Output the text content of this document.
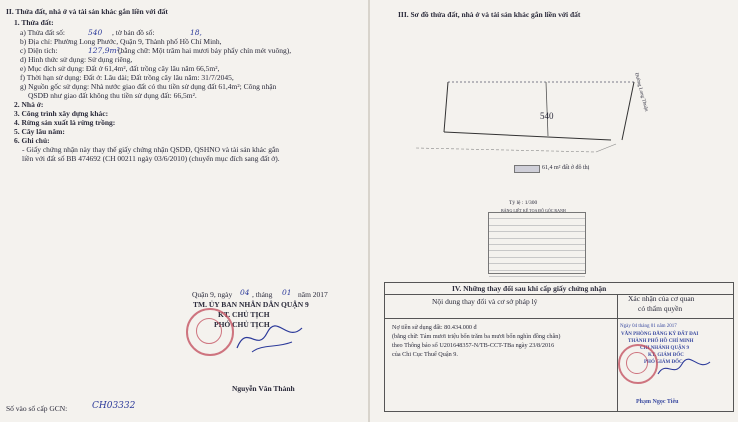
II. Thửa đất, nhà ở và tài sản khác gắn liền với đất
1. Thửa đất:
a) Thửa đất số:	540 , tờ bản đồ số:	18,
b) Địa chỉ: Phường Long Phước, Quận 9, Thành phố Hồ Chí Minh,
c) Diện tích:	127,9m²,
(bằng chữ: Một trăm hai mươi bảy phẩy chín mét vuông),
d) Hình thức sử dụng: Sử dụng riêng,
e) Mục đích sử dụng: Đất ở 61,4m², đất trồng cây lâu năm 66,5m²,
f) Thời hạn sử dụng: Đất ở: Lâu dài; Đất trồng cây lâu năm: 31/7/2045,
g) Nguồn gốc sử dụng: Nhà nước giao đất có thu tiền sử dụng đất 61,4m²; Công nhận
QSDĐ như giao đất không thu tiền sử dụng đất: 66,5m².
2. Nhà ở:
3. Công trình xây dựng khác:
4. Rừng sản xuất là rừng trồng:
5. Cây lâu năm:
6. Ghi chú:
- Giấy chứng nhận này thay thế giấy chứng nhận QSDĐ, QSHNO và tài sản khác gắn
liền với đất số BB 474692 (CH 00211 ngày 03/6/2010) (chuyển mục đích sang đất ở).
Quận 9, ngày 04 , tháng 01 năm 2017
TM. ỦY BAN NHÂN DÂN QUẬN 9
KT. CHỦ TỊCH
PHÓ CHỦ TỊCH
Nguyễn Văn Thành
Số vào sổ cấp GCN:	CH03332
III. Sơ đồ thửa đất, nhà ở và tài sản khác gắn liền với đất
540
Đường Long Thuận
61,4 m² đất ở đô thị
Tỷ lệ : 1/300
BẢNG LIỆT KÊ TỌA ĐỘ GÓC RANH
IV. Những thay đổi sau khi cấp giấy chứng nhận
Nội dung thay đổi và cơ sở pháp lý	Xác nhận của cơ quan
có thẩm quyền
Nợ tiền sử dụng đất: 80.434.000 đ
(bằng chữ: Tám mươi triệu bốn trăm ba mươi bốn nghìn đồng chẵn)
theo Thông báo số U201648357-N/TB-CCT-TBa ngày 23/8/2016
của Chi Cục Thuế Quận 9.
Ngày 04 tháng 01 năm 2017
VĂN PHÒNG ĐĂNG KÝ ĐẤT ĐAI
THÀNH PHỐ HỒ CHÍ MINH
CHI NHÁNH QUẬN 9
KT. GIÁM ĐỐC
PHÓ GIÁM ĐỐC
Phạm Ngọc Tiêu
